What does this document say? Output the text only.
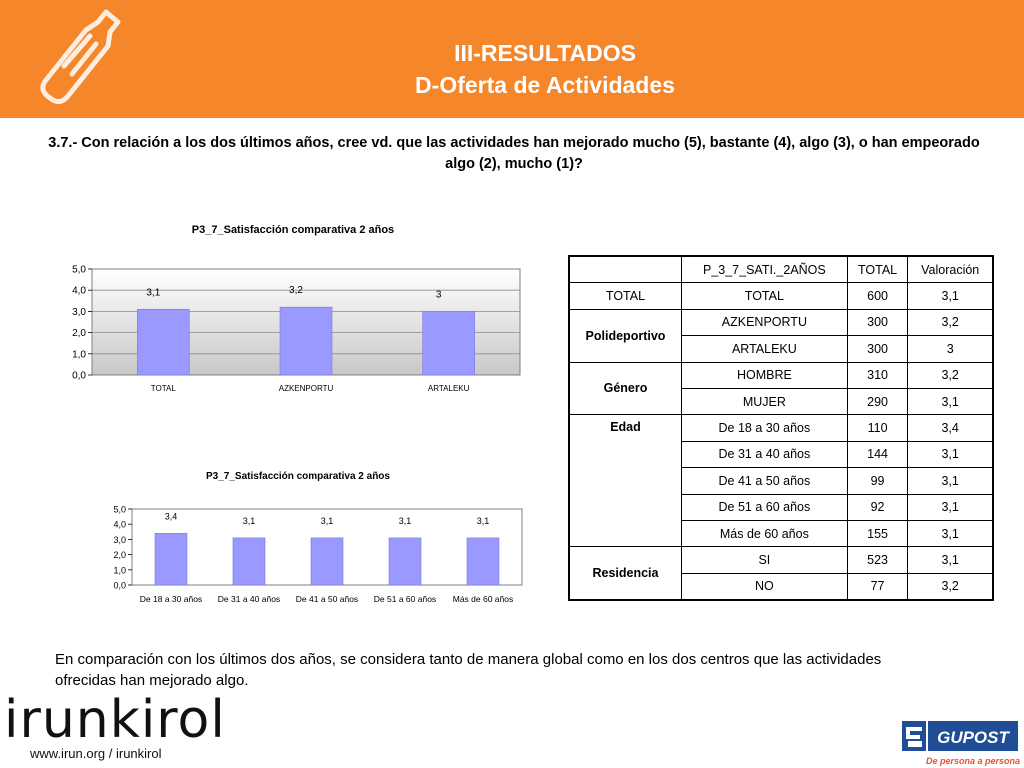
III-RESULTADOS
D-Oferta de Actividades
3.7.- Con relación a los dos últimos años, cree vd. que las actividades han mejorado mucho (5), bastante (4), algo (3), o han empeorado algo (2), mucho (1)?
P3_7_Satisfacción comparativa 2 años
0,0
1,0
2,0
3,0
4,0
5,0
3,1
TOTAL
3,2
AZKENPORTU
3
ARTALEKU
P3_7_Satisfacción comparativa 2 años
0,0
1,0
2,0
3,0
4,0
5,0
3,4
De 18 a 30 años
3,1
De 31 a 40 años
3,1
De 41 a 50 años
3,1
De 51 a 60 años
3,1
Más de 60 años
	P_3_7_SATI._2AÑOS	TOTAL	Valoración
TOTAL	TOTAL	600	3,1
Polideportivo	AZKENPORTU	300	3,2
	ARTALEKU	300	3
Género	HOMBRE	310	3,2
	MUJER	290	3,1
Edad	De 18 a 30 años	110	3,4
	De 31 a 40 años	144	3,1
	De 41 a 50 años	99	3,1
	De 51 a 60 años	92	3,1
	Más de 60 años	155	3,1
Residencia	SI	523	3,1
	NO	77	3,2
En comparación con los últimos dos años, se considera tanto de manera global como en los dos centros que las actividades ofrecidas han mejorado algo.
irunkirol
www.irun.org / irunkirol
GUPOST
De persona a persona
